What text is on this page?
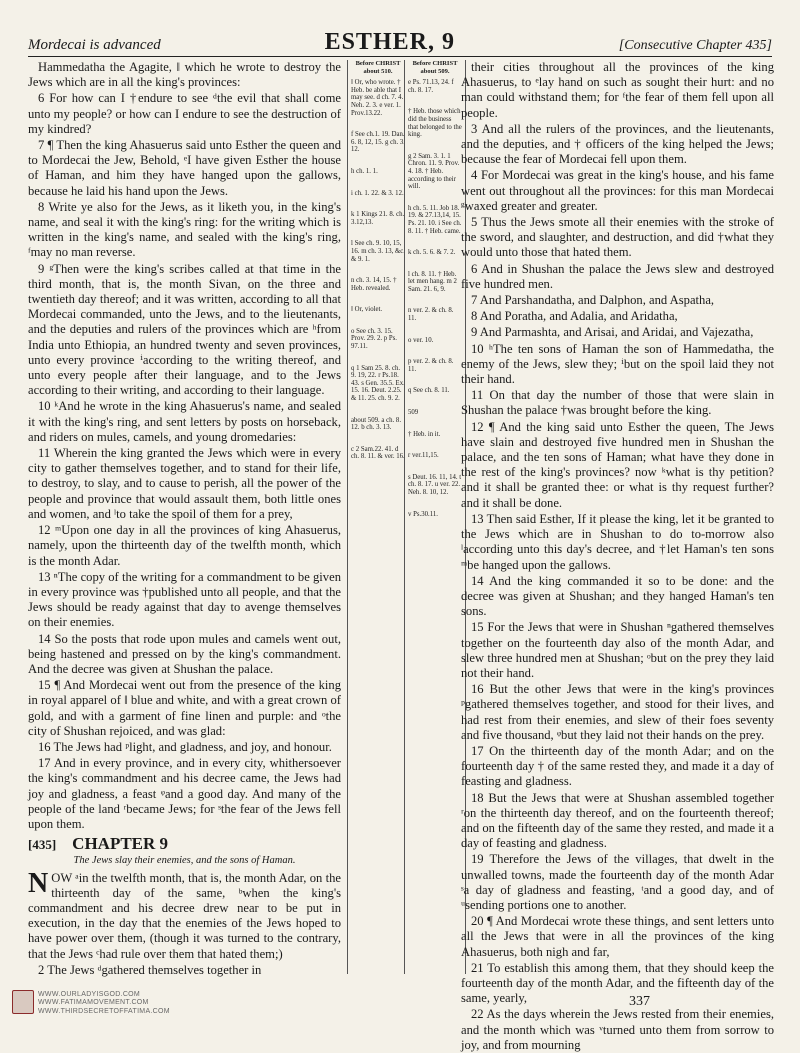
Mordecai is advanced	ESTHER, 9	[Consecutive Chapter 435]

Hammedatha the Agagite, ‖ which he wrote to destroy the Jews which are in all the king's provinces:

6 For how can I †endure to see ᵈthe evil that shall come unto my people? or how can I endure to see the destruction of my kindred?

7 ¶ Then the king Ahasuerus said unto Esther the queen and to Mordecai the Jew, Behold, ᵉI have given Esther the house of Haman, and him they have hanged upon the gallows, because he laid his hand upon the Jews.

8 Write ye also for the Jews, as it liketh you, in the king's name, and seal it with the king's ring: for the writing which is written in the king's name, and sealed with the king's ring, ᶠmay no man reverse.

9 ᵍThen were the king's scribes called at that time in the third month, that is, the month Sivan, on the three and twentieth day thereof; and it was written, according to all that Mordecai commanded, unto the Jews, and to the lieutenants, and the deputies and rulers of the provinces which are ʰfrom India unto Ethiopia, an hundred twenty and seven provinces, unto every province ⁱaccording to the writing thereof, and unto every people after their language, and to the Jews according to their writing, and according to their language.

10 ᵏAnd he wrote in the king Ahasuerus's name, and sealed it with the king's ring, and sent letters by posts on horseback, and riders on mules, camels, and young dromedaries:

11 Wherein the king granted the Jews which were in every city to gather themselves together, and to stand for their life, to destroy, to slay, and to cause to perish, all the power of the people and province that would assault them, both little ones and women, and ˡto take the spoil of them for a prey,

12 ᵐUpon one day in all the provinces of king Ahasuerus, namely, upon the thirteenth day of the twelfth month, which is the month Adar.

13 ⁿThe copy of the writing for a commandment to be given in every province was †published unto all people, and that the Jews should be ready against that day to avenge themselves on their enemies.

14 So the posts that rode upon mules and camels went out, being hastened and pressed on by the king's commandment. And the decree was given at Shushan the palace.

15 ¶ And Mordecai went out from the presence of the king in royal apparel of ‖ blue and white, and with a great crown of gold, and with a garment of fine linen and purple: and ᵒthe city of Shushan rejoiced, and was glad:

16 The Jews had ᵖlight, and gladness, and joy, and honour.

17 And in every province, and in every city, whithersoever the king's commandment and his decree came, the Jews had joy and gladness, a feast ᵠand a good day. And many of the people of the land ʳbecame Jews; for ˢthe fear of the Jews fell upon them.

[435] CHAPTER 9
The Jews slay their enemies, and the sons of Haman.

NOW ᵃin the twelfth month, that is, the month Adar, on the thirteenth day of the same, ᵇwhen the king's commandment and his decree drew near to be put in execution, in the day that the enemies of the Jews hoped to have power over them, (though it was turned to the contrary, that the Jews ᶜhad rule over them that hated them;)

2 The Jews ᵈgathered themselves together in

Before CHRIST about 510.
‖ Or, who wrote. † Heb. be able that I may see. d ch. 7. 4. Neh. 2. 3. e ver. 1. Prov.13.22.
f See ch.1. 19. Dan. 6. 8, 12, 15. g ch. 3. 12.
h ch. 1. 1.
i ch. 1. 22. & 3. 12.
k 1 Kings 21. 8. ch. 3.12,13.
l See ch. 9. 10, 15, 16. m ch. 3. 13, &c. & 9. 1.
n ch. 3. 14, 15. † Heb. revealed.
‖ Or, violet.
o See ch. 3. 15. Prov. 29. 2. p Ps. 97.11.
q 1 Sam 25. 8. ch. 9. 19, 22. r Ps.18. 43. s Gen. 35.5. Ex. 15. 16. Deut. 2.25. & 11. 25. ch. 9. 2.
about 509. a ch. 8. 12. b ch. 3. 13.
c 2 Sam.22. 41. d ch. 8. 11. & ver. 16.
Before CHRIST about 509.
e Ps. 71.13, 24. f ch. 8. 17.
† Heb. those which did the business that belonged to the king.
g 2 Sam. 3. 1. 1 Chron. 11. 9. Prov. 4. 18. † Heb. according to their will.
h ch. 5. 11. Job 18. 19. & 27.13,14, 15. Ps. 21. 10. i See ch. 8. 11. † Heb. came.
k ch. 5. 6. & 7. 2.
l ch. 8. 11. † Heb. let men hang. m 2 Sam. 21. 6, 9.
n ver. 2. & ch. 8. 11.
o ver. 10.
p ver. 2. & ch. 8. 11.
q See ch. 8. 11.
509
† Heb. in it.
r ver.11,15.
s Deut. 16. 11, 14. t ch. 8. 17. u ver. 22. Neh. 8. 10, 12.
v Ps.30.11.

their cities throughout all the provinces of the king Ahasuerus, to ᵉlay hand on such as sought their hurt: and no man could withstand them; for ᶠthe fear of them fell upon all people.

3 And all the rulers of the provinces, and the lieutenants, and the deputies, and † officers of the king helped the Jews; because the fear of Mordecai fell upon them.

4 For Mordecai was great in the king's house, and his fame went out throughout all the provinces: for this man Mordecai ᵍwaxed greater and greater.

5 Thus the Jews smote all their enemies with the stroke of the sword, and slaughter, and destruction, and did †what they would unto those that hated them.

6 And in Shushan the palace the Jews slew and destroyed five hundred men.

7 And Parshandatha, and Dalphon, and Aspatha,

8 And Poratha, and Adalia, and Aridatha,

9 And Parmashta, and Arisai, and Aridai, and Vajezatha,

10 ʰThe ten sons of Haman the son of Hammedatha, the enemy of the Jews, slew they; ⁱbut on the spoil laid they not their hand.

11 On that day the number of those that were slain in Shushan the palace †was brought before the king.

12 ¶ And the king said unto Esther the queen, The Jews have slain and destroyed five hundred men in Shushan the palace, and the ten sons of Haman; what have they done in the rest of the king's provinces? now ᵏwhat is thy petition? and it shall be granted thee: or what is thy request further? and it shall be done.

13 Then said Esther, If it please the king, let it be granted to the Jews which are in Shushan to do to-morrow also ˡaccording unto this day's decree, and †let Haman's ten sons ᵐbe hanged upon the gallows.

14 And the king commanded it so to be done: and the decree was given at Shushan; and they hanged Haman's ten sons.

15 For the Jews that were in Shushan ⁿgathered themselves together on the fourteenth day also of the month Adar, and slew three hundred men at Shushan; ᵒbut on the prey they laid not their hand.

16 But the other Jews that were in the king's provinces ᵖgathered themselves together, and stood for their lives, and had rest from their enemies, and slew of their foes seventy and five thousand, ᵠbut they laid not their hands on the prey.

17 On the thirteenth day of the month Adar; and on the fourteenth day † of the same rested they, and made it a day of feasting and gladness.

18 But the Jews that were at Shushan assembled together ʳon the thirteenth day thereof, and on the fourteenth thereof; and on the fifteenth day of the same they rested, and made it a day of feasting and gladness.

19 Therefore the Jews of the villages, that dwelt in the unwalled towns, made the fourteenth day of the month Adar ˢa day of gladness and feasting, ᵗand a good day, and of ᵘsending portions one to another.

20 ¶ And Mordecai wrote these things, and sent letters unto all the Jews that were in all the provinces of the king Ahasuerus, both nigh and far,

21 To establish this among them, that they should keep the fourteenth day of the month Adar, and the fifteenth day of the same, yearly,

22 As the days wherein the Jews rested from their enemies, and the month which was ᵛturned unto them from sorrow to joy, and from mourning

337
WWW.OURLADYISGOD.COM
WWW.FATIMAMOVEMENT.COM
WWW.THIRDSECRETOFFATIMA.COM
